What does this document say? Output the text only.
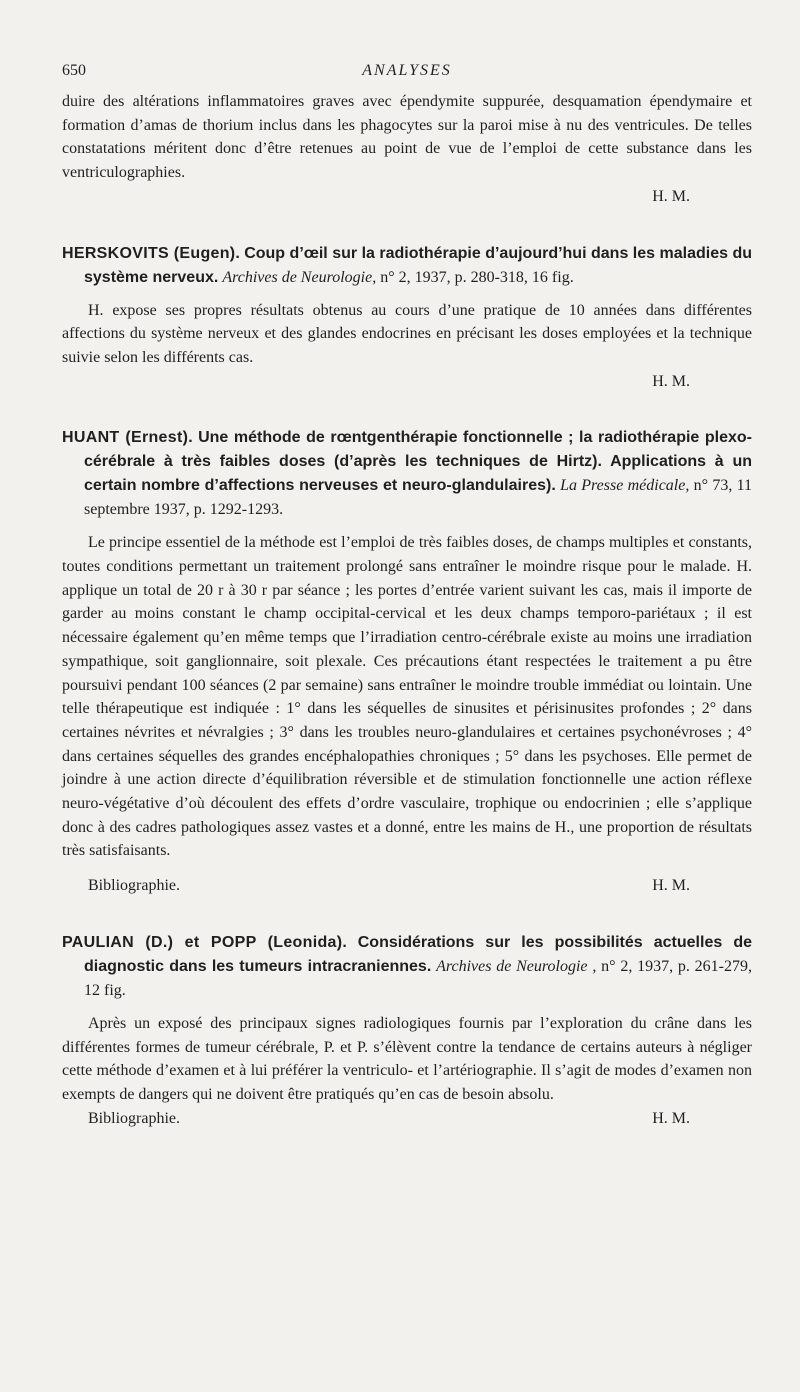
650	ANALYSES

duire des altérations inflammatoires graves avec épendymite suppurée, desquamation épendymaire et formation d’amas de thorium inclus dans les phagocytes sur la paroi mise à nu des ventricules. De telles constatations méritent donc d’être retenues au point de vue de l’emploi de cette substance dans les ventriculographies.

H. M.
HERSKOVITS (Eugen). Coup d’œil sur la radiothérapie d’aujourd’hui dans les maladies du système nerveux. Archives de Neurologie, n° 2, 1937, p. 280-318, 16 fig.

H. expose ses propres résultats obtenus au cours d’une pratique de 10 années dans différentes affections du système nerveux et des glandes endocrines en précisant les doses employées et la technique suivie selon les différents cas.

H. M.
HUANT (Ernest). Une méthode de rœntgenthérapie fonctionnelle ; la radiothérapie plexo-cérébrale à très faibles doses (d’après les techniques de Hirtz). Applications à un certain nombre d’affections nerveuses et neuro-glandulaires). La Presse médicale, n° 73, 11 septembre 1937, p. 1292-1293.

Le principe essentiel de la méthode est l’emploi de très faibles doses, de champs multiples et constants, toutes conditions permettant un traitement prolongé sans entraîner le moindre risque pour le malade. H. applique un total de 20 r à 30 r par séance ; les portes d’entrée varient suivant les cas, mais il importe de garder au moins constant le champ occipital-cervical et les deux champs temporo-pariétaux ; il est nécessaire également qu’en même temps que l’irradiation centro-cérébrale existe au moins une irradiation sympathique, soit ganglionnaire, soit plexale. Ces précautions étant respectées le traitement a pu être poursuivi pendant 100 séances (2 par semaine) sans entraîner le moindre trouble immédiat ou lointain. Une telle thérapeutique est indiquée : 1° dans les séquelles de sinusites et périsinusites profondes ; 2° dans certaines névrites et névralgies ; 3° dans les troubles neuro-glandulaires et certaines psychonévroses ; 4° dans certaines séquelles des grandes encéphalopathies chroniques ; 5° dans les psychoses. Elle permet de joindre à une action directe d’équilibration réversible et de stimulation fonctionnelle une action réflexe neuro-végétative d’où découlent des effets d’ordre vasculaire, trophique ou endocrinien ; elle s’applique donc à des cadres pathologiques assez vastes et a donné, entre les mains de H., une proportion de résultats très satisfaisants.

Bibliographie.	H. M.
PAULIAN (D.) et POPP (Leonida). Considérations sur les possibilités actuelles de diagnostic dans les tumeurs intracraniennes. Archives de Neurologie , n° 2, 1937, p. 261-279, 12 fig.

Après un exposé des principaux signes radiologiques fournis par l’exploration du crâne dans les différentes formes de tumeur cérébrale, P. et P. s’élèvent contre la tendance de certains auteurs à négliger cette méthode d’examen et à lui préférer la ventriculo- et l’artériographie. Il s’agit de modes d’examen non exempts de dangers qui ne doivent être pratiqués qu’en cas de besoin absolu.

Bibliographie.	H. M.
